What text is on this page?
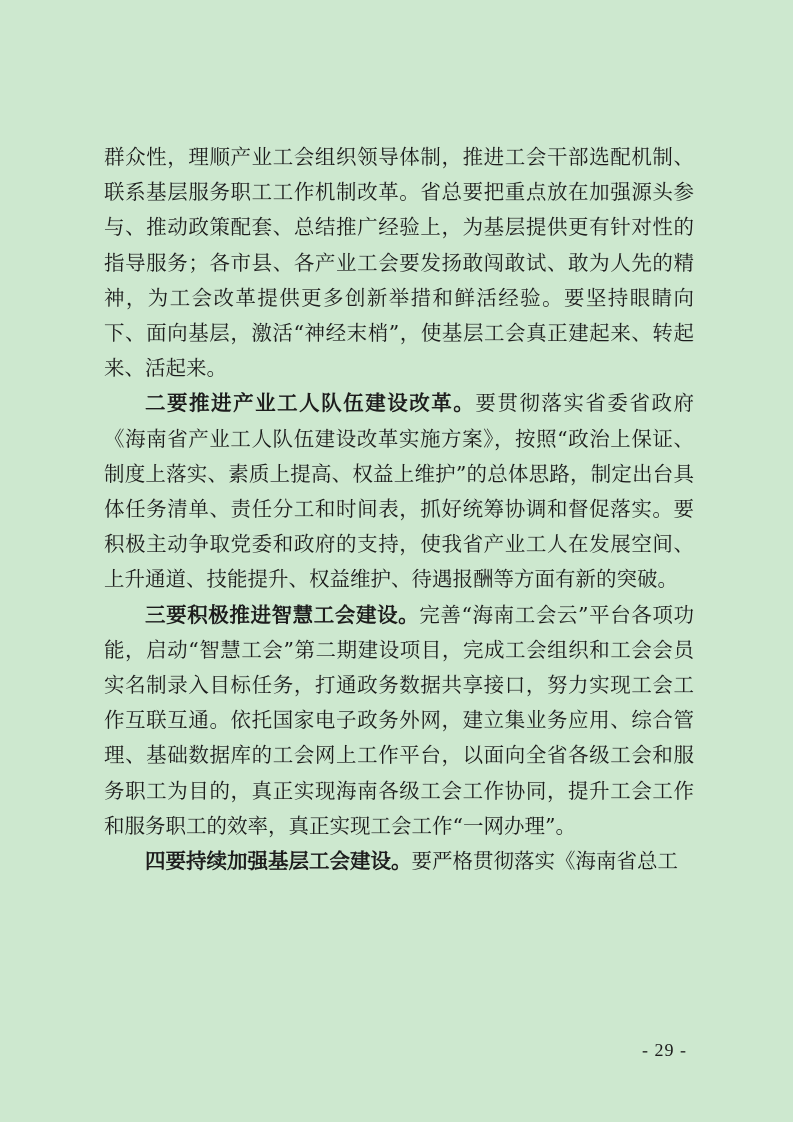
群众性，理顺产业工会组织领导体制，推进工会干部选配机制、联系基层服务职工工作机制改革。省总要把重点放在加强源头参与、推动政策配套、总结推广经验上，为基层提供更有针对性的指导服务；各市县、各产业工会要发扬敢闯敢试、敢为人先的精神，为工会改革提供更多创新举措和鲜活经验。要坚持眼睛向下、面向基层，激活“神经末梢”，使基层工会真正建起来、转起来、活起来。

二要推进产业工人队伍建设改革。要贯彻落实省委省政府《海南省产业工人队伍建设改革实施方案》，按照“政治上保证、制度上落实、素质上提高、权益上维护”的总体思路，制定出台具体任务清单、责任分工和时间表，抓好统筹协调和督促落实。要积极主动争取党委和政府的支持，使我省产业工人在发展空间、上升通道、技能提升、权益维护、待遇报酬等方面有新的突破。

三要积极推进智慧工会建设。完善“海南工会云”平台各项功能，启动“智慧工会”第二期建设项目，完成工会组织和工会会员实名制录入目标任务，打通政务数据共享接口，努力实现工会工作互联互通。依托国家电子政务外网，建立集业务应用、综合管理、基础数据库的工会网上工作平台，以面向全省各级工会和服务职工为目的，真正实现海南各级工会工作协同，提升工会工作和服务职工的效率，真正实现工会工作“一网办理”。

四要持续加强基层工会建设。要严格贯彻落实《海南省总工

- 29 -
